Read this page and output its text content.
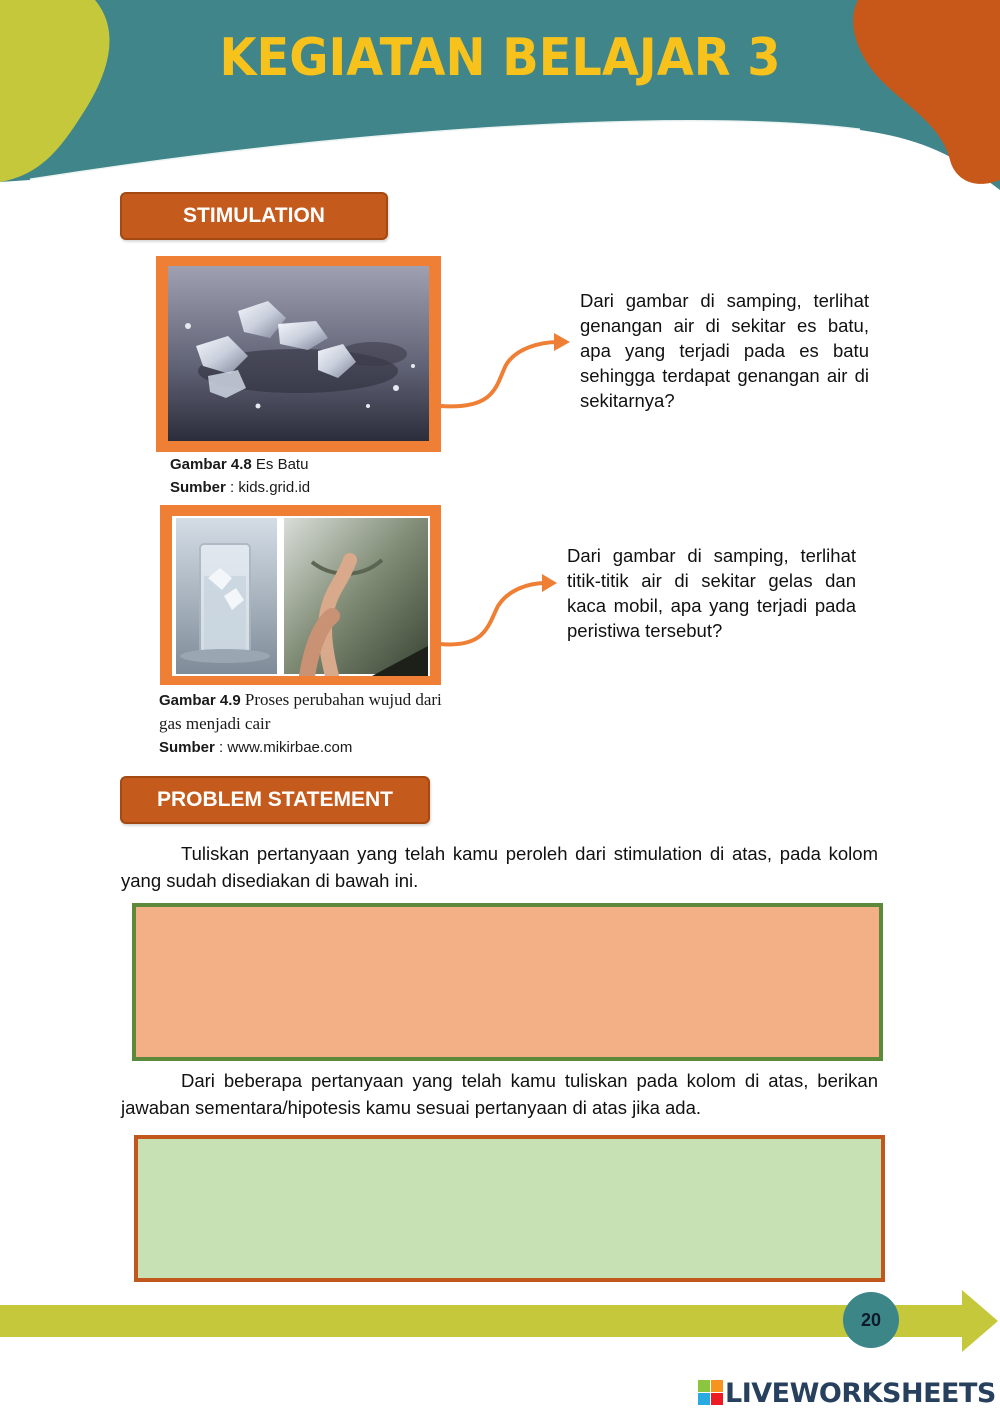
KEGIATAN BELAJAR 3
STIMULATION
Gambar 4.8 Es Batu
Sumber : kids.grid.id
Dari gambar di samping, terlihat genangan air di sekitar es batu, apa yang terjadi pada es batu sehingga terdapat genangan air di sekitarnya?
Gambar 4.9 Proses perubahan wujud dari gas menjadi cair
Sumber : www.mikirbae.com
Dari gambar di samping, terlihat titik-titik air di sekitar gelas dan kaca mobil, apa yang terjadi pada peristiwa tersebut?
PROBLEM STATEMENT
Tuliskan pertanyaan yang telah kamu peroleh dari stimulation di atas, pada kolom yang sudah disediakan di bawah ini.
Dari beberapa pertanyaan yang telah kamu tuliskan pada kolom di atas, berikan jawaban sementara/hipotesis kamu sesuai pertanyaan di atas jika ada.
20
LIVEWORKSHEETS
